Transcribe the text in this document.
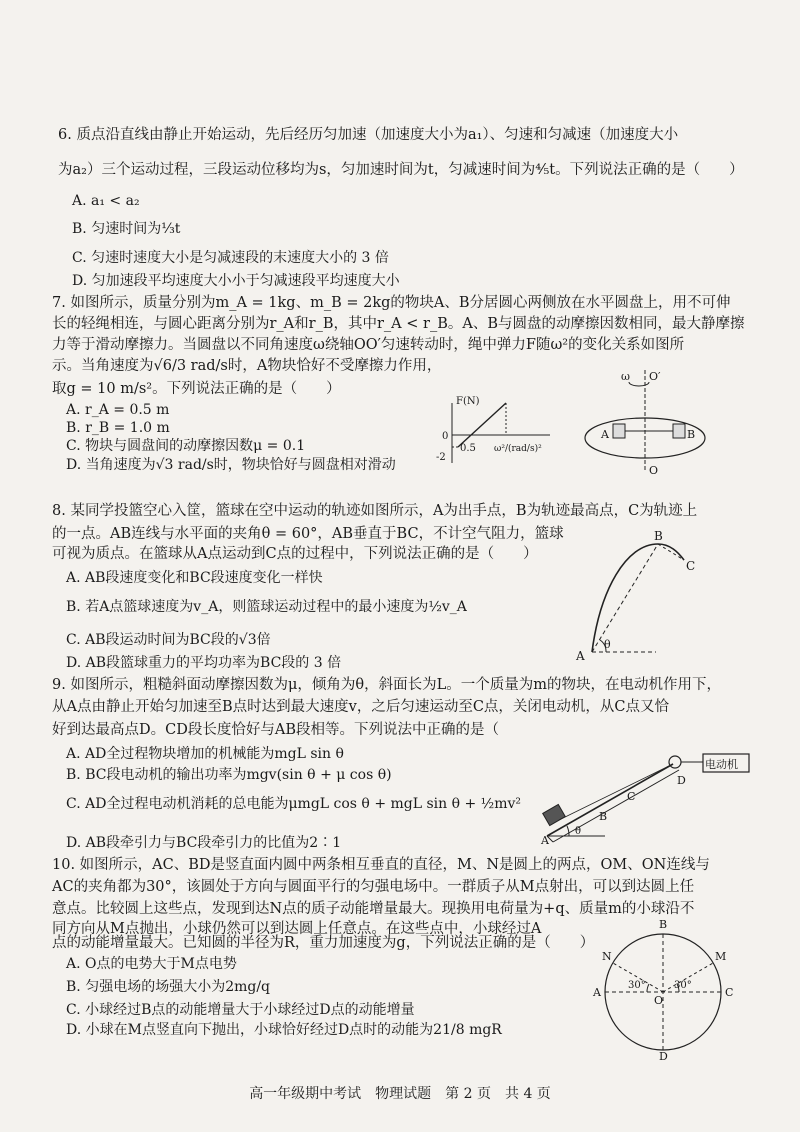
6. 质点沿直线由静止开始运动，先后经历匀加速（加速度大小为a₁）、匀速和匀减速（加速度大小
为a₂）三个运动过程，三段运动位移均为s，匀加速时间为t，匀减速时间为⁴⁄₅t。下列说法正确的是（　　）
A. a₁ < a₂
B. 匀速时间为⅓t
C. 匀速时速度大小是匀减速段的末速度大小的 3 倍
D. 匀加速段平均速度大小小于匀减速段平均速度大小
7. 如图所示，质量分别为m_A = 1kg、m_B = 2kg的物块A、B分居圆心两侧放在水平圆盘上，用不可伸
长的轻绳相连，与圆心距离分别为r_A和r_B，其中r_A < r_B。A、B与圆盘的动摩擦因数相同，最大静摩擦
力等于滑动摩擦力。当圆盘以不同角速度ω绕轴OO′匀速转动时，绳中弹力F随ω²的变化关系如图所
示。当角速度为√6/3 rad/s时，A物块恰好不受摩擦力作用，
取g = 10 m/s²。下列说法正确的是（　　）
A. r_A = 0.5 m
B. r_B = 1.0 m
C. 物块与圆盘间的动摩擦因数μ = 0.1
D. 当角速度为√3 rad/s时，物块恰好与圆盘相对滑动
F(N)
0
-2
0.5 ω²/(rad/s)²
ω O′
O
A	B
8. 某同学投篮空心入筐，篮球在空中运动的轨迹如图所示，A为出手点，B为轨迹最高点，C为轨迹上
的一点。AB连线与水平面的夹角θ = 60°，AB垂直于BC，不计空气阻力，篮球
可视为质点。在篮球从A点运动到C点的过程中，下列说法正确的是（　　）
A. AB段速度变化和BC段速度变化一样快
B. 若A点篮球速度为v_A，则篮球运动过程中的最小速度为½v_A
C. AB段运动时间为BC段的√3倍
D. AB段篮球重力的平均功率为BC段的 3 倍	A
B
C
θ
9. 如图所示，粗糙斜面动摩擦因数为μ，倾角为θ，斜面长为L。一个质量为m的物块，在电动机作用下，
从A点由静止开始匀加速至B点时达到最大速度v，之后匀速运动至C点，关闭电动机，从C点又恰
好到达最高点D。CD段长度恰好与AB段相等。下列说法中正确的是（
A. AD全过程物块增加的机械能为mgL sin θ
B. BC段电动机的输出功率为mgv(sin θ + μ cos θ)
C. AD全过程电动机消耗的总电能为μmgL cos θ + mgL sin θ + ½mv²
D. AB段牵引力与BC段牵引力的比值为2∶1
电动机
A
B
C
D
θ
10. 如图所示，AC、BD是竖直面内圆中两条相互垂直的直径，M、N是圆上的两点，OM、ON连线与
AC的夹角都为30°，该圆处于方向与圆面平行的匀强电场中。一群质子从M点射出，可以到达圆上任
意点。比较圆上这些点，发现到达N点的质子动能增量最大。现换用电荷量为+q、质量m的小球沿不
同方向从M点抛出，小球仍然可以到达圆上任意点。在这些点中，小球经过A
点的动能增量最大。已知圆的半径为R，重力加速度为g，下列说法正确的是（　　）
A. O点的电势大于M点电势
B. 匀强电场的场强大小为2mg/q
C. 小球经过B点的动能增量大于小球经过D点的动能增量
D. 小球在M点竖直向下抛出，小球恰好经过D点时的动能为21/8 mgR
B
D
A	C
M
N
O
30°	30°
高一年级期中考试　物理试题　第 2 页　共 4 页
